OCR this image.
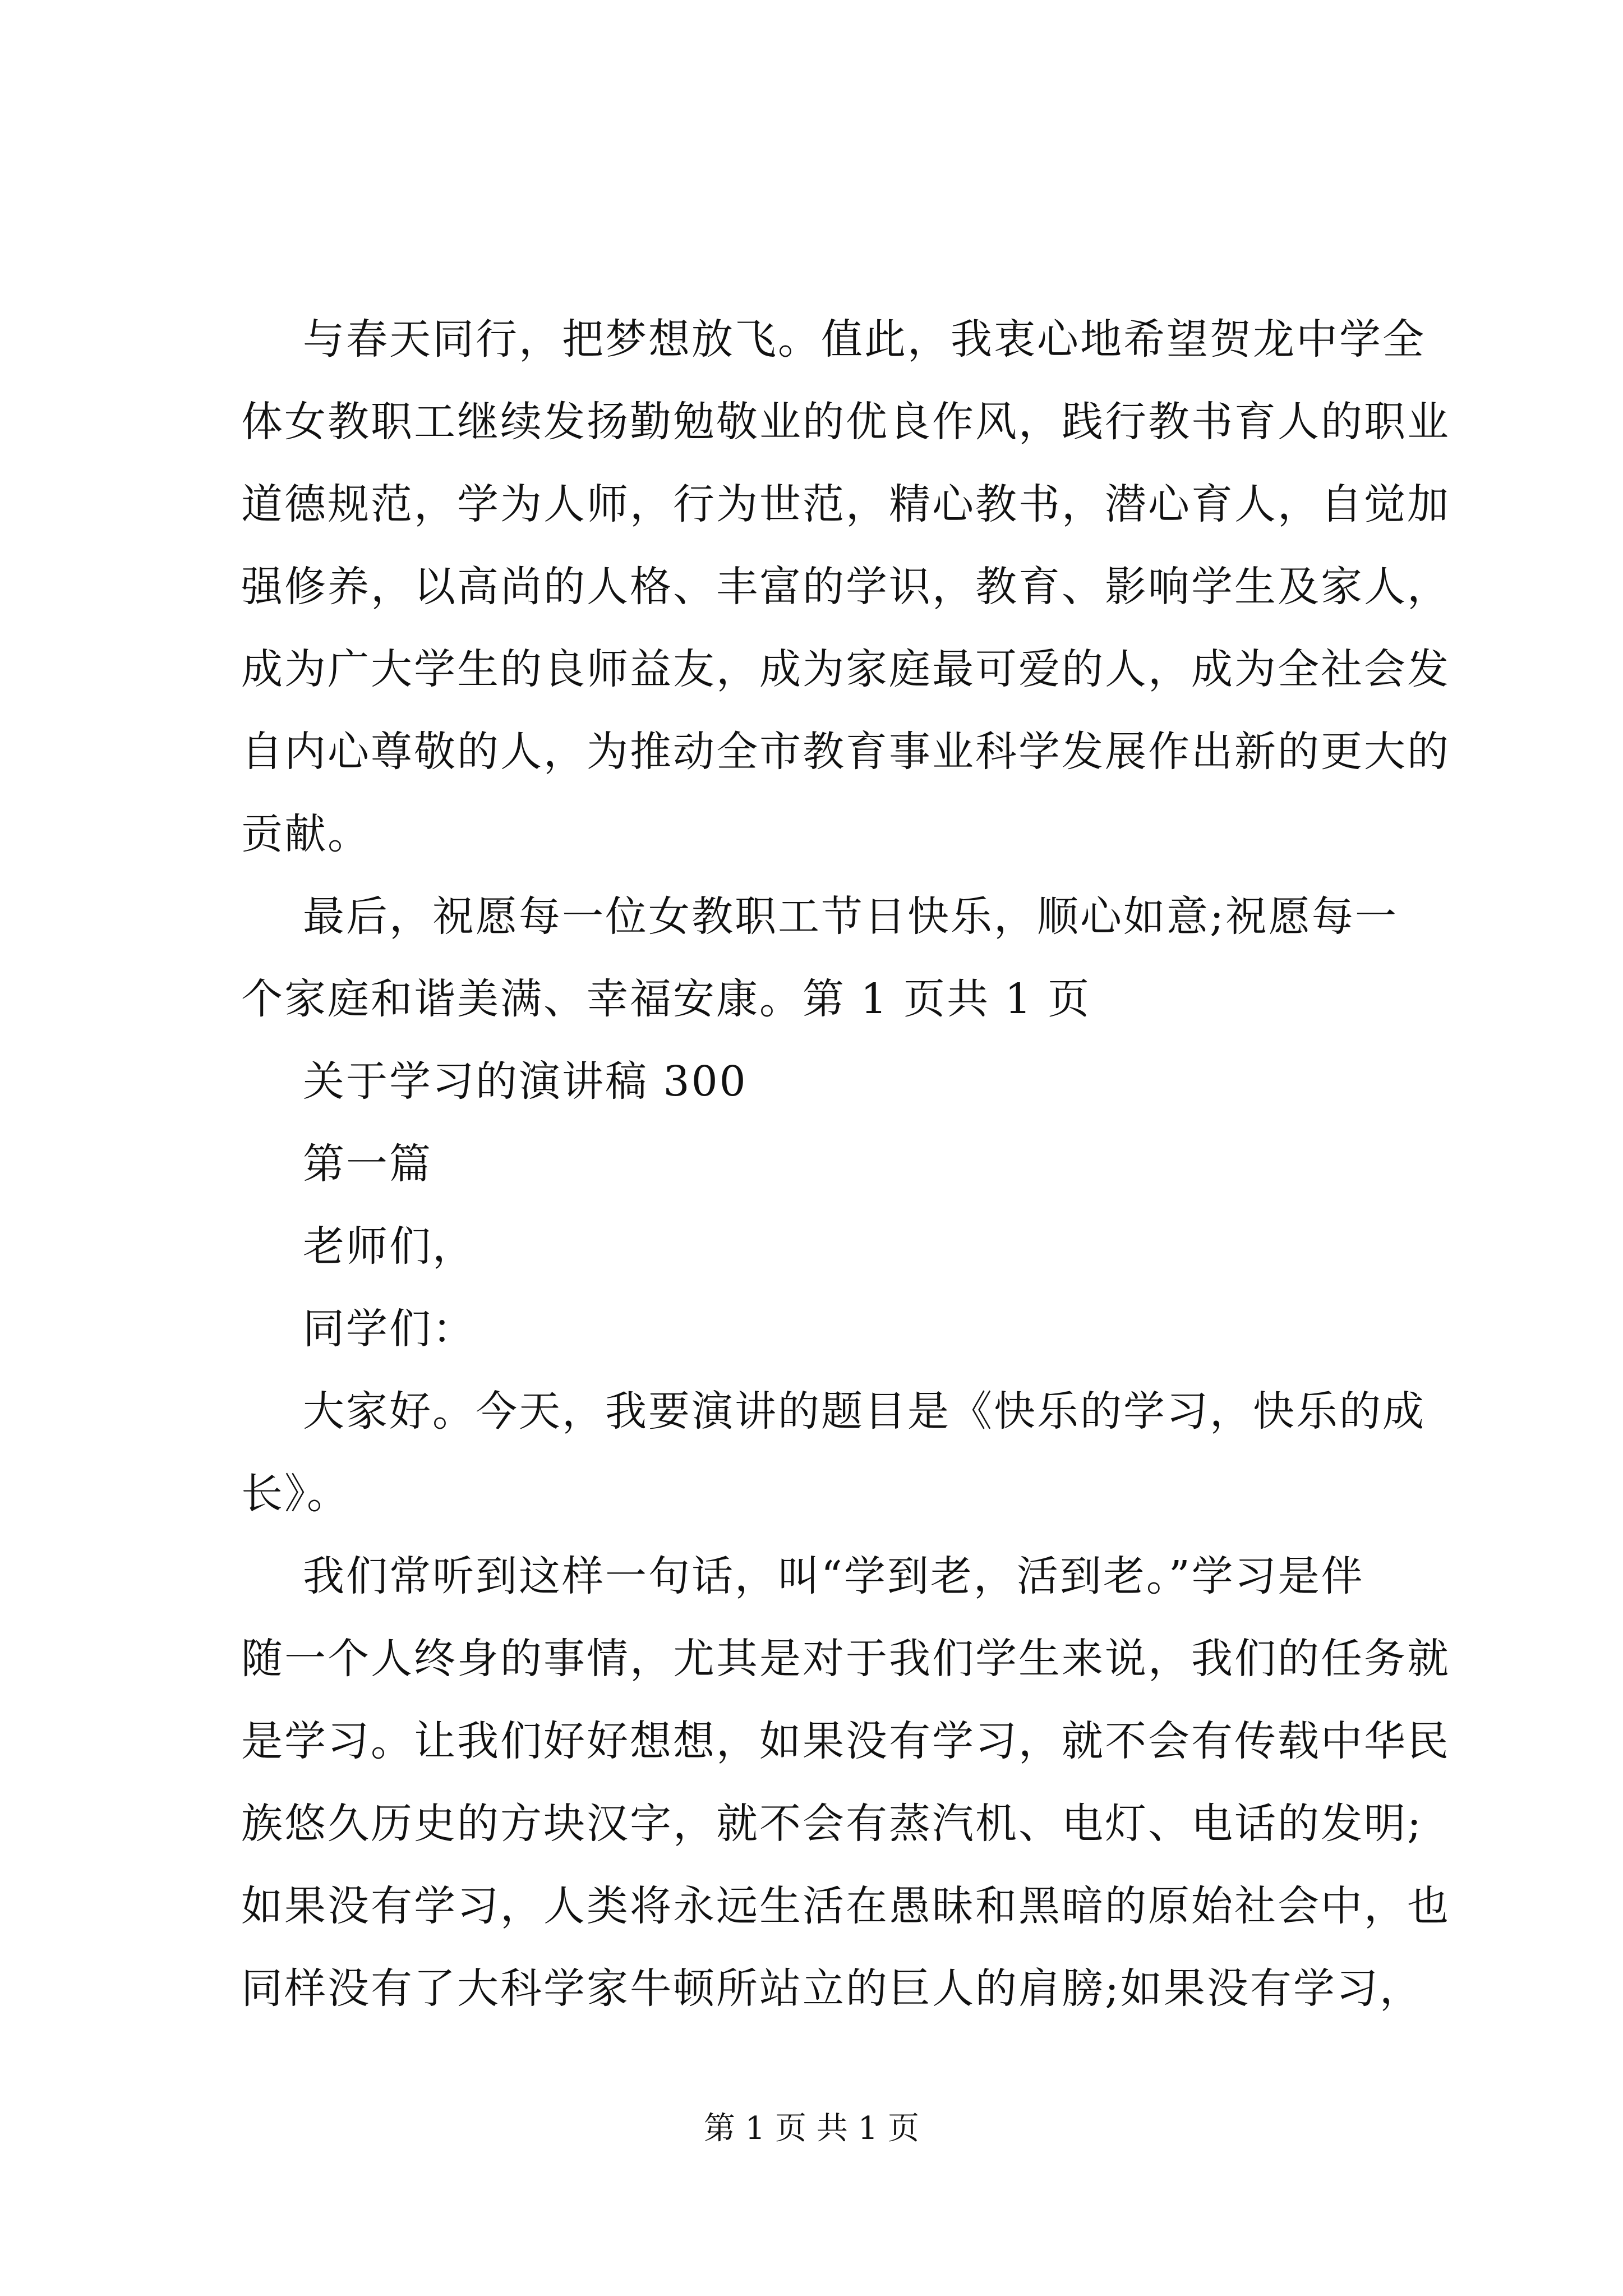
与春天同行，把梦想放飞。值此，我衷心地希望贺龙中学全
体女教职工继续发扬勤勉敬业的优良作风，践行教书育人的职业
道德规范，学为人师，行为世范，精心教书，潜心育人，自觉加
强修养，以高尚的人格、丰富的学识，教育、影响学生及家人，
成为广大学生的良师益友，成为家庭最可爱的人，成为全社会发
自内心尊敬的人，为推动全市教育事业科学发展作出新的更大的
贡献。
最后，祝愿每一位女教职工节日快乐，顺心如意;祝愿每一
个家庭和谐美满、幸福安康。第 1 页共 1 页
关于学习的演讲稿 300
第一篇
老师们，
同学们：
大家好。今天，我要演讲的题目是《快乐的学习，快乐的成
长》。
我们常听到这样一句话，叫“学到老，活到老。”学习是伴
随一个人终身的事情，尤其是对于我们学生来说，我们的任务就
是学习。让我们好好想想，如果没有学习，就不会有传载中华民
族悠久历史的方块汉字，就不会有蒸汽机、电灯、电话的发明;
如果没有学习，人类将永远生活在愚昧和黑暗的原始社会中，也
同样没有了大科学家牛顿所站立的巨人的肩膀;如果没有学习，
第 1 页 共 1 页
